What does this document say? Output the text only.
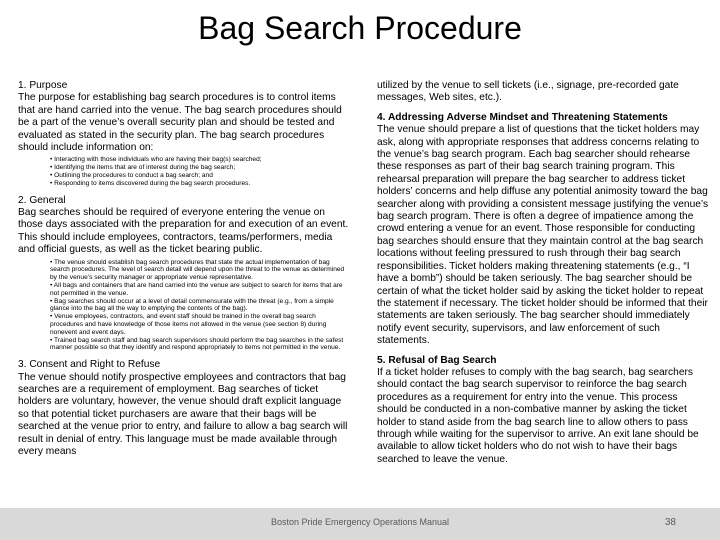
Bag Search Procedure

1. Purpose

The purpose for establishing bag search procedures is to control items that are hand carried into the venue. The bag search procedures should be a part of the venue’s overall security plan and should be tested and evaluated as stated in the security plan. The bag search procedures should include information on:

• Interacting with those individuals who are having their bag(s) searched;
• Identifying the items that are of interest during the bag search;
• Outlining the procedures to conduct a bag search; and
• Responding to items discovered during the bag search procedures.

2. General

Bag searches should be required of everyone entering the venue on those days associated with the preparation for and execution of an event. This should include employees, contractors, teams/performers, media and official guests, as well as the ticket bearing public.

• The venue should establish bag search procedures that state the actual implementation of bag search procedures. The level of search detail will depend upon the threat to the venue as determined by the venue’s security manager or appropriate venue representative.
• All bags and containers that are hand carried into the venue are subject to search for items that are not permitted in the venue.
• Bag searches should occur at a level of detail commensurate with the threat (e.g., from a simple glance into the bag all the way to emptying the contents of the bag).
• Venue employees, contractors, and event staff should be trained in the overall bag search procedures and have knowledge of those items not allowed in the venue (see section 8) during nonevent and event days.
• Trained bag search staff and bag search supervisors should perform the bag searches in the safest manner possible so that they identify and respond appropriately to items not permitted in the venue.

3. Consent and Right to Refuse

The venue should notify prospective employees and contractors that bag searches are a requirement of employment. Bag searches of ticket holders are voluntary, however, the venue should draft explicit language so that potential ticket purchasers are aware that their bags will be searched at the venue prior to entry, and failure to allow a bag search will result in denial of entry. This language must be made available through every means

utilized by the venue to sell tickets (i.e., signage, pre-recorded gate messages, Web sites, etc.).

4. Addressing Adverse Mindset and Threatening Statements

The venue should prepare a list of questions that the ticket holders may ask, along with appropriate responses that address concerns relating to the venue’s bag search program. Each bag searcher should rehearse these responses as part of their bag search training program. This rehearsal preparation will prepare the bag searcher to address ticket holders’ concerns and help diffuse any potential animosity toward the bag searcher along with providing a consistent message justifying the venue’s bag search program. There is often a degree of impatience among the crowd entering a venue for an event. Those responsible for conducting bag searches should ensure that they maintain control at the bag search locations without feeling pressured to rush through their bag search responsibilities. Ticket holders making threatening statements (e.g., “I have a bomb”) should be taken seriously. The bag searcher should be certain of what the ticket holder said by asking the ticket holder to repeat the statement if necessary. The ticket holder should be informed that their statements are taken seriously. The bag searcher should immediately notify event security, supervisors, and law enforcement of such statements.

5. Refusal of Bag Search

If a ticket holder refuses to comply with the bag search, bag searchers should contact the bag search supervisor to reinforce the bag search procedures as a requirement for entry into the venue. This process should be conducted in a non-combative manner by asking the ticket holder to stand aside from the bag search line to allow others to pass through while waiting for the supervisor to arrive. An exit lane should be available to allow ticket holders who do not wish to have their bags searched to leave the venue.

Boston Pride Emergency Operations Manual	38
